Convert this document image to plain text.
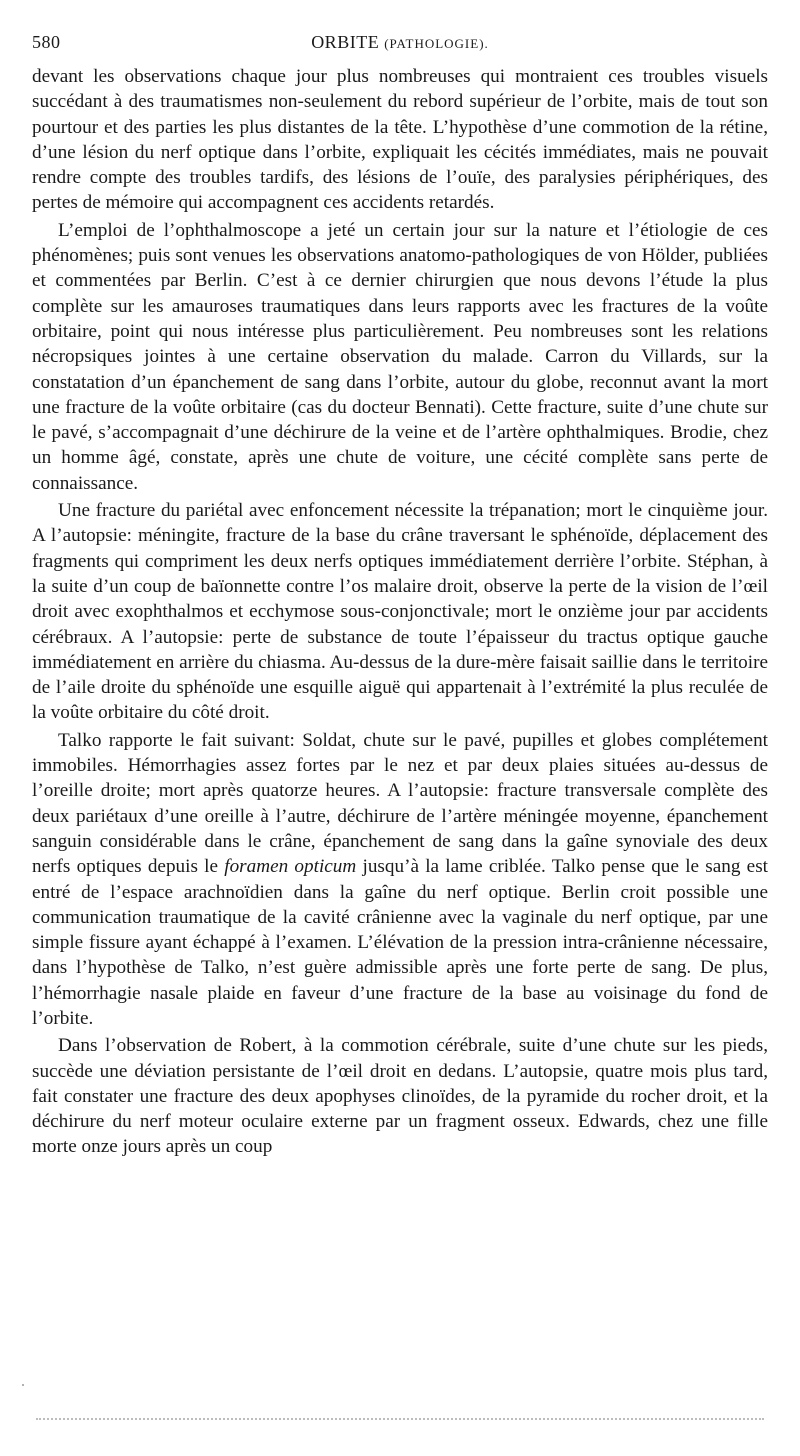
580	ORBITE (PATHOLOGIE).

devant les observations chaque jour plus nombreuses qui montraient ces troubles visuels succédant à des traumatismes non-seulement du rebord supérieur de l’orbite, mais de tout son pourtour et des parties les plus distantes de la tête. L’hypothèse d’une commotion de la rétine, d’une lésion du nerf optique dans l’orbite, expliquait les cécités immédiates, mais ne pouvait rendre compte des troubles tardifs, des lésions de l’ouïe, des paralysies périphériques, des pertes de mémoire qui accompagnent ces accidents retardés.

L’emploi de l’ophthalmoscope a jeté un certain jour sur la nature et l’étiologie de ces phénomènes; puis sont venues les observations anatomo-pathologiques de von Hölder, publiées et commentées par Berlin. C’est à ce dernier chirurgien que nous devons l’étude la plus complète sur les amauroses traumatiques dans leurs rapports avec les fractures de la voûte orbitaire, point qui nous intéresse plus particulièrement. Peu nombreuses sont les relations nécropsiques jointes à une certaine observation du malade. Carron du Villards, sur la constatation d’un épanchement de sang dans l’orbite, autour du globe, reconnut avant la mort une fracture de la voûte orbitaire (cas du docteur Bennati). Cette fracture, suite d’une chute sur le pavé, s’accompagnait d’une déchirure de la veine et de l’artère ophthalmiques. Brodie, chez un homme âgé, constate, après une chute de voiture, une cécité complète sans perte de connaissance.

Une fracture du pariétal avec enfoncement nécessite la trépanation; mort le cinquième jour. A l’autopsie: méningite, fracture de la base du crâne traversant le sphénoïde, déplacement des fragments qui compriment les deux nerfs optiques immédiatement derrière l’orbite. Stéphan, à la suite d’un coup de baïonnette contre l’os malaire droit, observe la perte de la vision de l’œil droit avec exophthalmos et ecchymose sous-conjonctivale; mort le onzième jour par accidents cérébraux. A l’autopsie: perte de substance de toute l’épaisseur du tractus optique gauche immédiatement en arrière du chiasma. Au-dessus de la dure-mère faisait saillie dans le territoire de l’aile droite du sphénoïde une esquille aiguë qui appartenait à l’extrémité la plus reculée de la voûte orbitaire du côté droit.

Talko rapporte le fait suivant: Soldat, chute sur le pavé, pupilles et globes complétement immobiles. Hémorrhagies assez fortes par le nez et par deux plaies situées au-dessus de l’oreille droite; mort après quatorze heures. A l’autopsie: fracture transversale complète des deux pariétaux d’une oreille à l’autre, déchirure de l’artère méningée moyenne, épanchement sanguin considérable dans le crâne, épanchement de sang dans la gaîne synoviale des deux nerfs optiques depuis le foramen opticum jusqu’à la lame criblée. Talko pense que le sang est entré de l’espace arachnoïdien dans la gaîne du nerf optique. Berlin croit possible une communication traumatique de la cavité crânienne avec la vaginale du nerf optique, par une simple fissure ayant échappé à l’examen. L’élévation de la pression intra-crânienne nécessaire, dans l’hypothèse de Talko, n’est guère admissible après une forte perte de sang. De plus, l’hémorrhagie nasale plaide en faveur d’une fracture de la base au voisinage du fond de l’orbite.

Dans l’observation de Robert, à la commotion cérébrale, suite d’une chute sur les pieds, succède une déviation persistante de l’œil droit en dedans. L’autopsie, quatre mois plus tard, fait constater une fracture des deux apophyses clinoïdes, de la pyramide du rocher droit, et la déchirure du nerf moteur oculaire externe par un fragment osseux. Edwards, chez une fille morte onze jours après un coup
